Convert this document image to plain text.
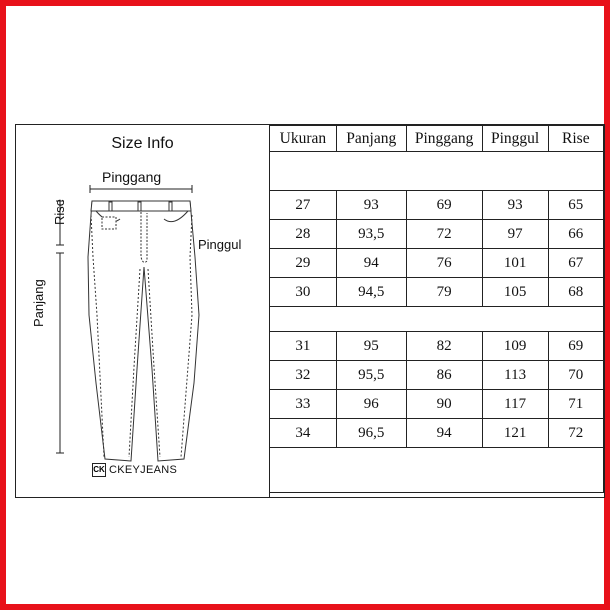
Size Info
Pinggang
Pinggul
Rise
Panjang
CK CKEYJEANS
Ukuran	Panjang	Pinggang	Pinggul	Rise

27	93	69	93	65
28	93,5	72	97	66
29	94	76	101	67
30	94,5	79	105	68

31	95	82	109	69
32	95,5	86	113	70
33	96	90	117	71
34	96,5	94	121	72
